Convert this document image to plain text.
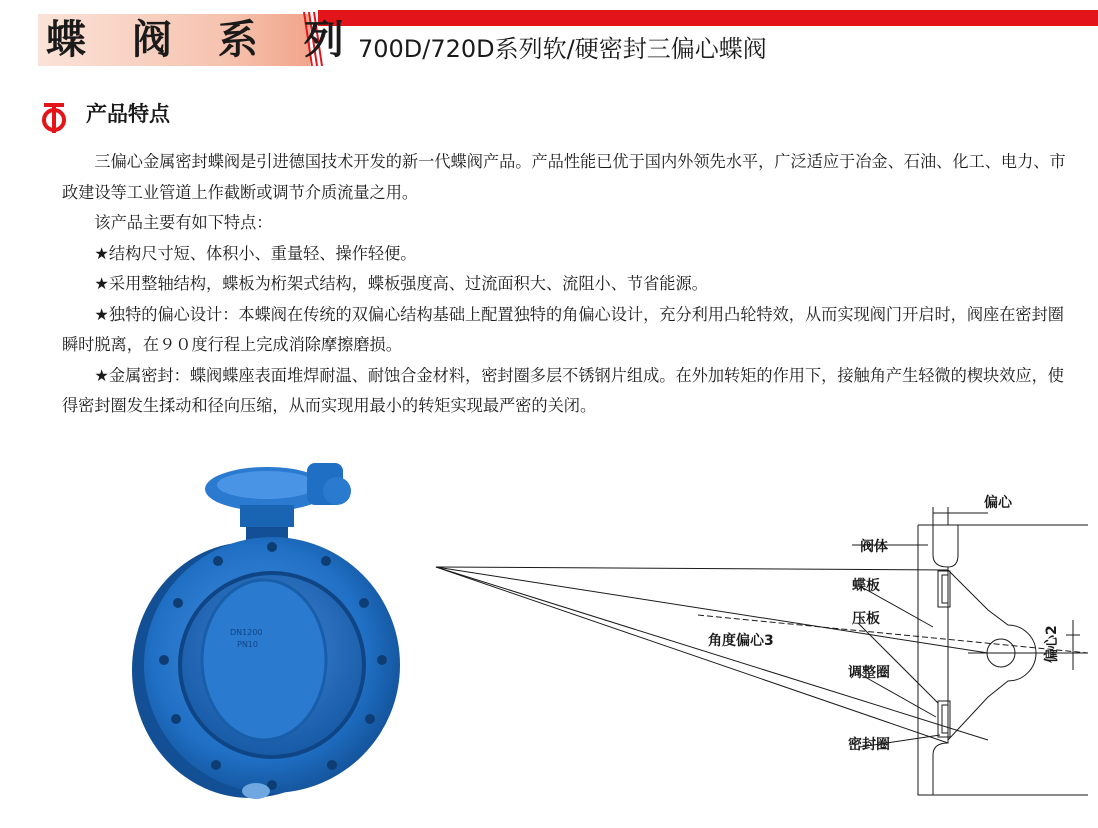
蝶 阀 系 列
700D/720D系列软/硬密封三偏心蝶阀
产品特点

三偏心金属密封蝶阀是引进德国技术开发的新一代蝶阀产品。产品性能已优于国内外领先水平，广泛适应于冶金、石油、化工、电力、市政建设等工业管道上作截断或调节介质流量之用。

该产品主要有如下特点：

★结构尺寸短、体积小、重量轻、操作轻便。

★采用整轴结构，蝶板为桁架式结构，蝶板强度高、过流面积大、流阻小、节省能源。

★独特的偏心设计：本蝶阀在传统的双偏心结构基础上配置独特的角偏心设计，充分利用凸轮特效，从而实现阀门开启时，阀座在密封圈瞬时脱离，在９０度行程上完成消除摩擦磨损。

★金属密封：蝶阀蝶座表面堆焊耐温、耐蚀合金材料，密封圈多层不锈钢片组成。在外加转矩的作用下，接触角产生轻微的楔块效应，使得密封圈发生揉动和径向压缩，从而实现用最小的转矩实现最严密的关闭。

DN1200
PN10
偏心
阀体
蝶板
压板
角度偏心3
调整圈
密封圈
偏心2
